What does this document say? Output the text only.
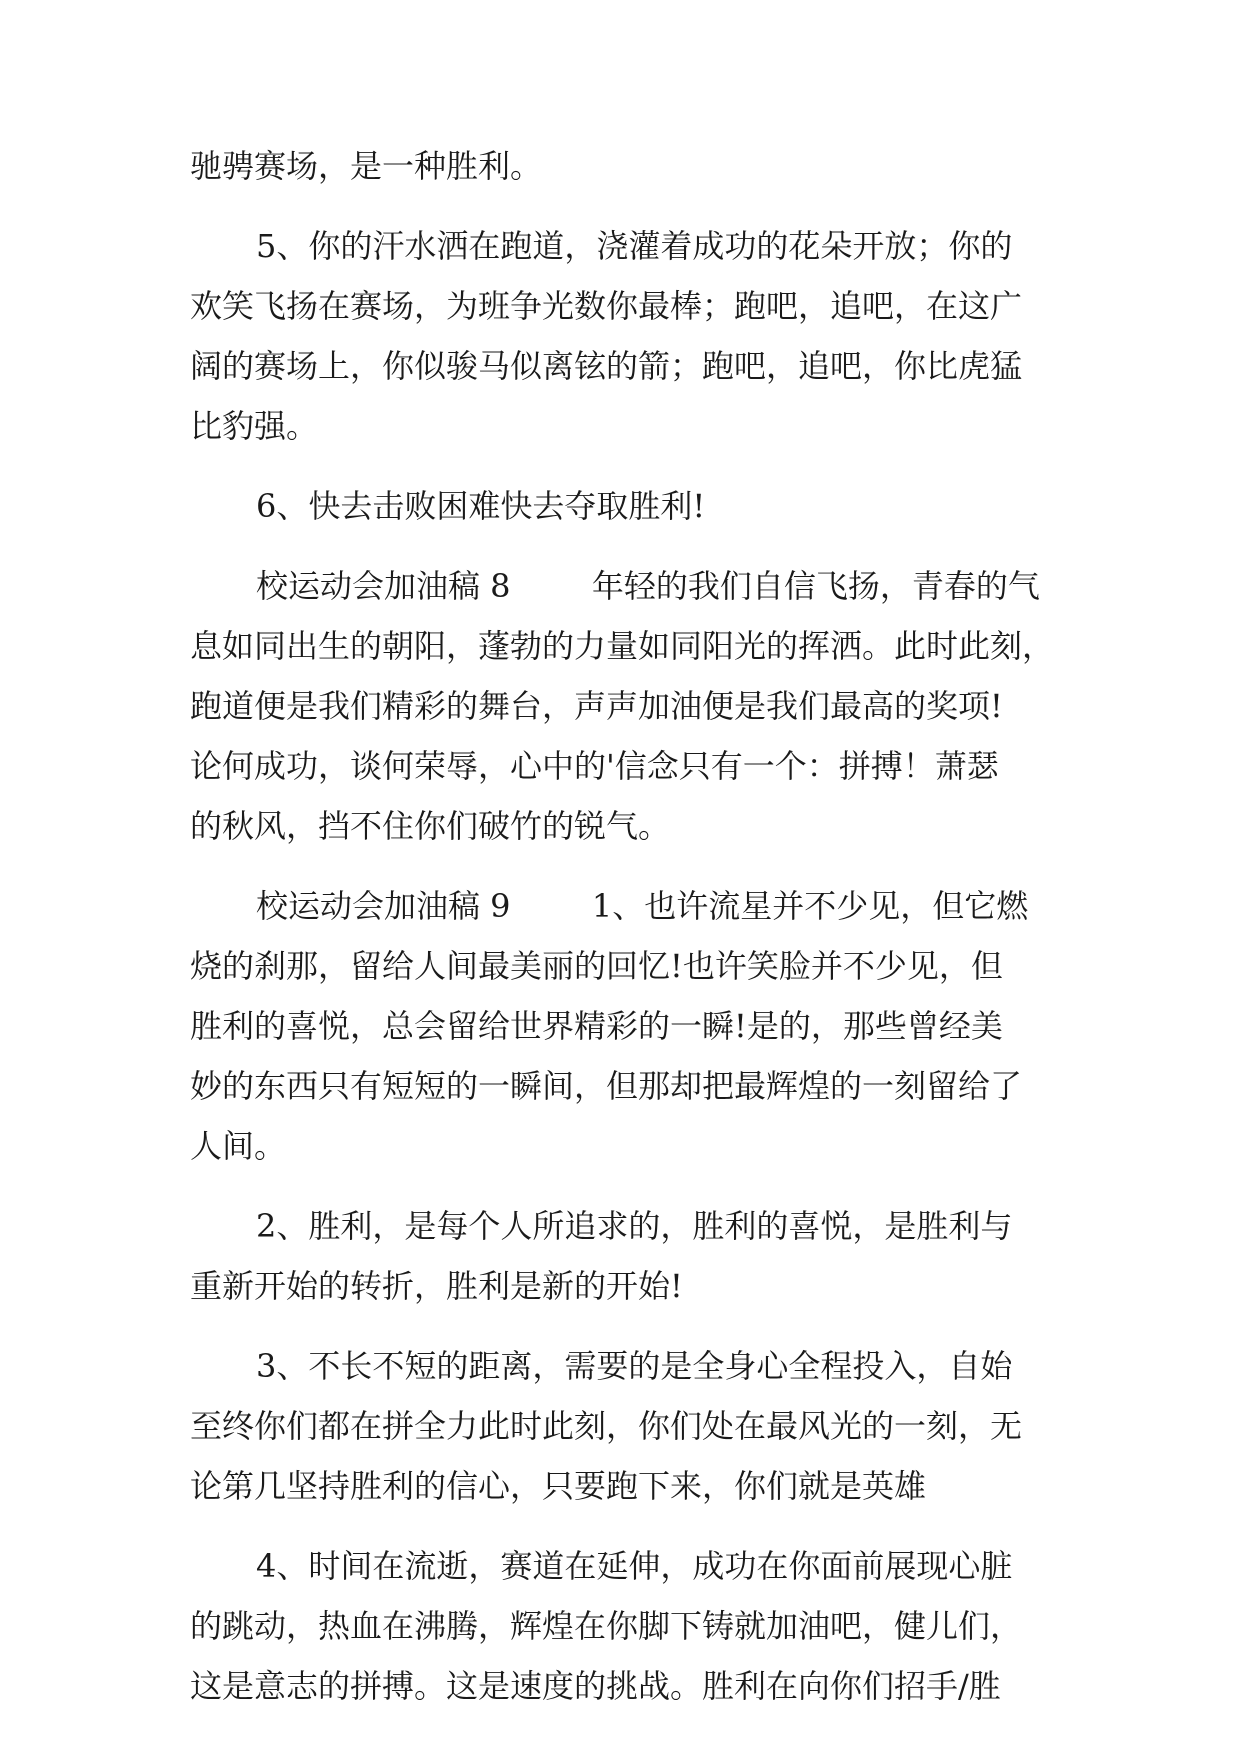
驰骋赛场，是一种胜利。
5、你的汗水洒在跑道，浇灌着成功的花朵开放；你的
欢笑飞扬在赛场，为班争光数你最棒；跑吧，追吧，在这广
阔的赛场上，你似骏马似离铉的箭；跑吧，追吧，你比虎猛
比豹强。
6、快去击败困难快去夺取胜利!
校运动会加油稿 8        年轻的我们自信飞扬，青春的气
息如同出生的朝阳，蓬勃的力量如同阳光的挥洒。此时此刻，
跑道便是我们精彩的舞台，声声加油便是我们最高的奖项!
论何成功，谈何荣辱，心中的'信念只有一个：拼搏！萧瑟
的秋风，挡不住你们破竹的锐气。
校运动会加油稿 9        1、也许流星并不少见，但它燃
烧的刹那，留给人间最美丽的回忆!也许笑脸并不少见，但
胜利的喜悦，总会留给世界精彩的一瞬!是的，那些曾经美
妙的东西只有短短的一瞬间，但那却把最辉煌的一刻留给了
人间。
2、胜利，是每个人所追求的，胜利的喜悦，是胜利与
重新开始的转折，胜利是新的开始!
3、不长不短的距离，需要的是全身心全程投入，自始
至终你们都在拼全力此时此刻，你们处在最风光的一刻，无
论第几坚持胜利的信心，只要跑下来，你们就是英雄
4、时间在流逝，赛道在延伸，成功在你面前展现心脏
的跳动，热血在沸腾，辉煌在你脚下铸就加油吧，健儿们，
这是意志的拼搏。这是速度的挑战。胜利在向你们招手/胜
